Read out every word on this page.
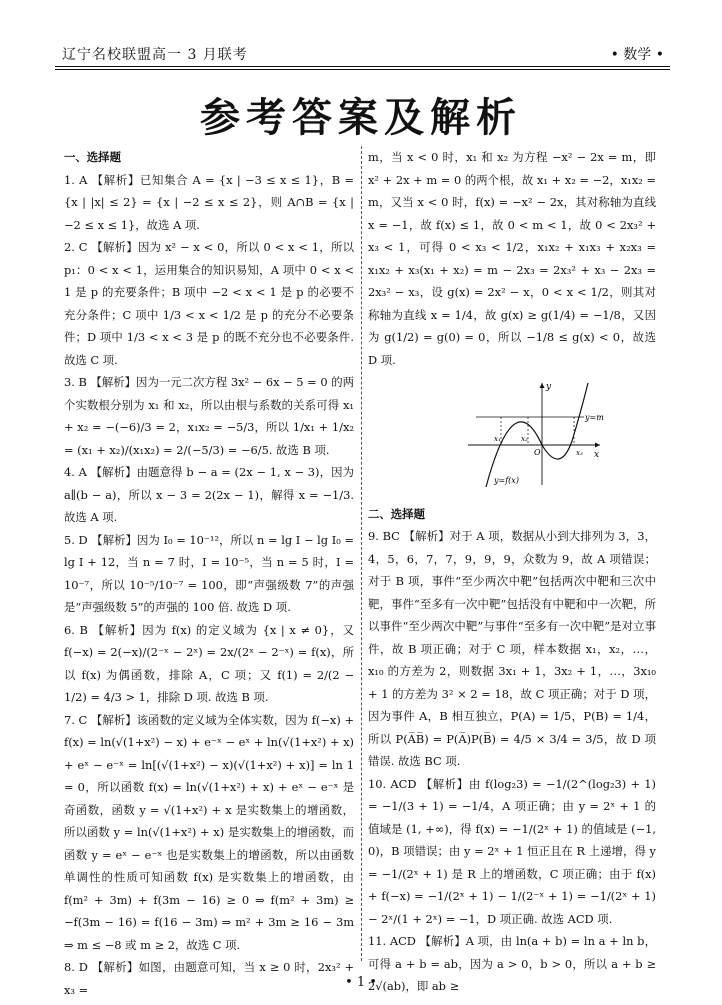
辽宁名校联盟高一 3 月联考	• 数学 •
参考答案及解析
一、选择题

1. A 【解析】已知集合 A = {x | −3 ≤ x ≤ 1}，B = {x | |x| ≤ 2} = {x | −2 ≤ x ≤ 2}，则 A∩B = {x | −2 ≤ x ≤ 1}，故选 A 项.

2. C 【解析】因为 x² − x < 0，所以 0 < x < 1，所以 p₁：0 < x < 1，运用集合的知识易知，A 项中 0 < x < 1 是 p 的充要条件；B 项中 −2 < x < 1 是 p 的必要不充分条件；C 项中 1/3 < x < 1/2 是 p 的充分不必要条件；D 项中 1/3 < x < 3 是 p 的既不充分也不必要条件. 故选 C 项.

3. B 【解析】因为一元二次方程 3x² − 6x − 5 = 0 的两个实数根分别为 x₁ 和 x₂，所以由根与系数的关系可得 x₁ + x₂ = −(−6)/3 = 2，x₁x₂ = −5/3，所以 1/x₁ + 1/x₂ = (x₁ + x₂)/(x₁x₂) = 2/(−5/3) = −6/5. 故选 B 项.

4. A 【解析】由题意得 b − a = (2x − 1, x − 3)，因为 a∥(b − a)，所以 x − 3 = 2(2x − 1)，解得 x = −1/3. 故选 A 项.

5. D 【解析】因为 I₀ = 10⁻¹²，所以 n = lg I − lg I₀ = lg I + 12，当 n = 7 时，I = 10⁻⁵，当 n = 5 时，I = 10⁻⁷，所以 10⁻⁵/10⁻⁷ = 100，即“声强级数 7”的声强是“声强级数 5”的声强的 100 倍. 故选 D 项.

6. B 【解析】因为 f(x) 的定义域为 {x | x ≠ 0}，又 f(−x) = 2(−x)/(2⁻ˣ − 2ˣ) = 2x/(2ˣ − 2⁻ˣ) = f(x)，所以 f(x) 为偶函数，排除 A，C 项；又 f(1) = 2/(2 − 1/2) = 4/3 > 1，排除 D 项. 故选 B 项.

7. C 【解析】该函数的定义域为全体实数，因为 f(−x) + f(x) = ln(√(1+x²) − x) + e⁻ˣ − eˣ + ln(√(1+x²) + x) + eˣ − e⁻ˣ = ln[(√(1+x²) − x)(√(1+x²) + x)] = ln 1 = 0，所以函数 f(x) = ln(√(1+x²) + x) + eˣ − e⁻ˣ 是奇函数，函数 y = √(1+x²) + x 是实数集上的增函数，所以函数 y = ln(√(1+x²) + x) 是实数集上的增函数，而函数 y = eˣ − e⁻ˣ 也是实数集上的增函数，所以由函数单调性的性质可知函数 f(x) 是实数集上的增函数，由 f(m² + 3m) + f(3m − 16) ≥ 0 ⇒ f(m² + 3m) ≥ −f(3m − 16) = f(16 − 3m) ⇒ m² + 3m ≥ 16 − 3m ⇒ m ≤ −8 或 m ≥ 2，故选 C 项.

8. D 【解析】如图，由题意可知，当 x ≥ 0 时，2x₃² + x₃ =

m，当 x < 0 时，x₁ 和 x₂ 为方程 −x² − 2x = m，即 x² + 2x + m = 0 的两个根，故 x₁ + x₂ = −2，x₁x₂ = m，又当 x < 0 时，f(x) = −x² − 2x，其对称轴为直线 x = −1，故 f(x) ≤ 1，故 0 < m < 1，故 0 < 2x₃² + x₃ < 1，可得 0 < x₃ < 1/2，x₁x₂ + x₁x₃ + x₂x₃ = x₁x₂ + x₃(x₁ + x₂) = m − 2x₃ = 2x₃² + x₃ − 2x₃ = 2x₃² − x₃，设 g(x) = 2x² − x，0 < x < 1/2，则其对称轴为直线 x = 1/4，故 g(x) ≥ g(1/4) = −1/8，又因为 g(1/2) = g(0) = 0，所以 −1/8 ≤ g(x) < 0，故选 D 项.

y
x
y=m
O
x₁	x₂
x₃
y=f(x)
二、选择题

9. BC 【解析】对于 A 项，数据从小到大排列为 3，3，4，5，6，7，7，9，9，9，众数为 9，故 A 项错误；对于 B 项，事件“至少两次中靶”包括两次中靶和三次中靶，事件“至多有一次中靶”包括没有中靶和中一次靶，所以事件“至少两次中靶”与事件“至多有一次中靶”是对立事件，故 B 项正确；对于 C 项，样本数据 x₁，x₂，…，x₁₀ 的方差为 2，则数据 3x₁ + 1，3x₂ + 1，…，3x₁₀ + 1 的方差为 3² × 2 = 18，故 C 项正确；对于 D 项，因为事件 A，B 相互独立，P(A) = 1/5，P(B) = 1/4，所以 P(A̅B̅) = P(A̅)P(B̅) = 4/5 × 3/4 = 3/5，故 D 项错误. 故选 BC 项.

10. ACD 【解析】由 f(log₂3) = −1/(2^(log₂3) + 1) = −1/(3 + 1) = −1/4，A 项正确；由 y = 2ˣ + 1 的值域是 (1, +∞)，得 f(x) = −1/(2ˣ + 1) 的值域是 (−1, 0)，B 项错误；由 y = 2ˣ + 1 恒正且在 R 上递增，得 y = −1/(2ˣ + 1) 是 R 上的增函数，C 项正确；由于 f(x) + f(−x) = −1/(2ˣ + 1) − 1/(2⁻ˣ + 1) = −1/(2ˣ + 1) − 2ˣ/(1 + 2ˣ) = −1，D 项正确. 故选 ACD 项.

11. ACD 【解析】A 项，由 ln(a + b) = ln a + ln b，可得 a + b = ab，因为 a > 0，b > 0，所以 a + b ≥ 2√(ab)，即 ab ≥

• 1 •
